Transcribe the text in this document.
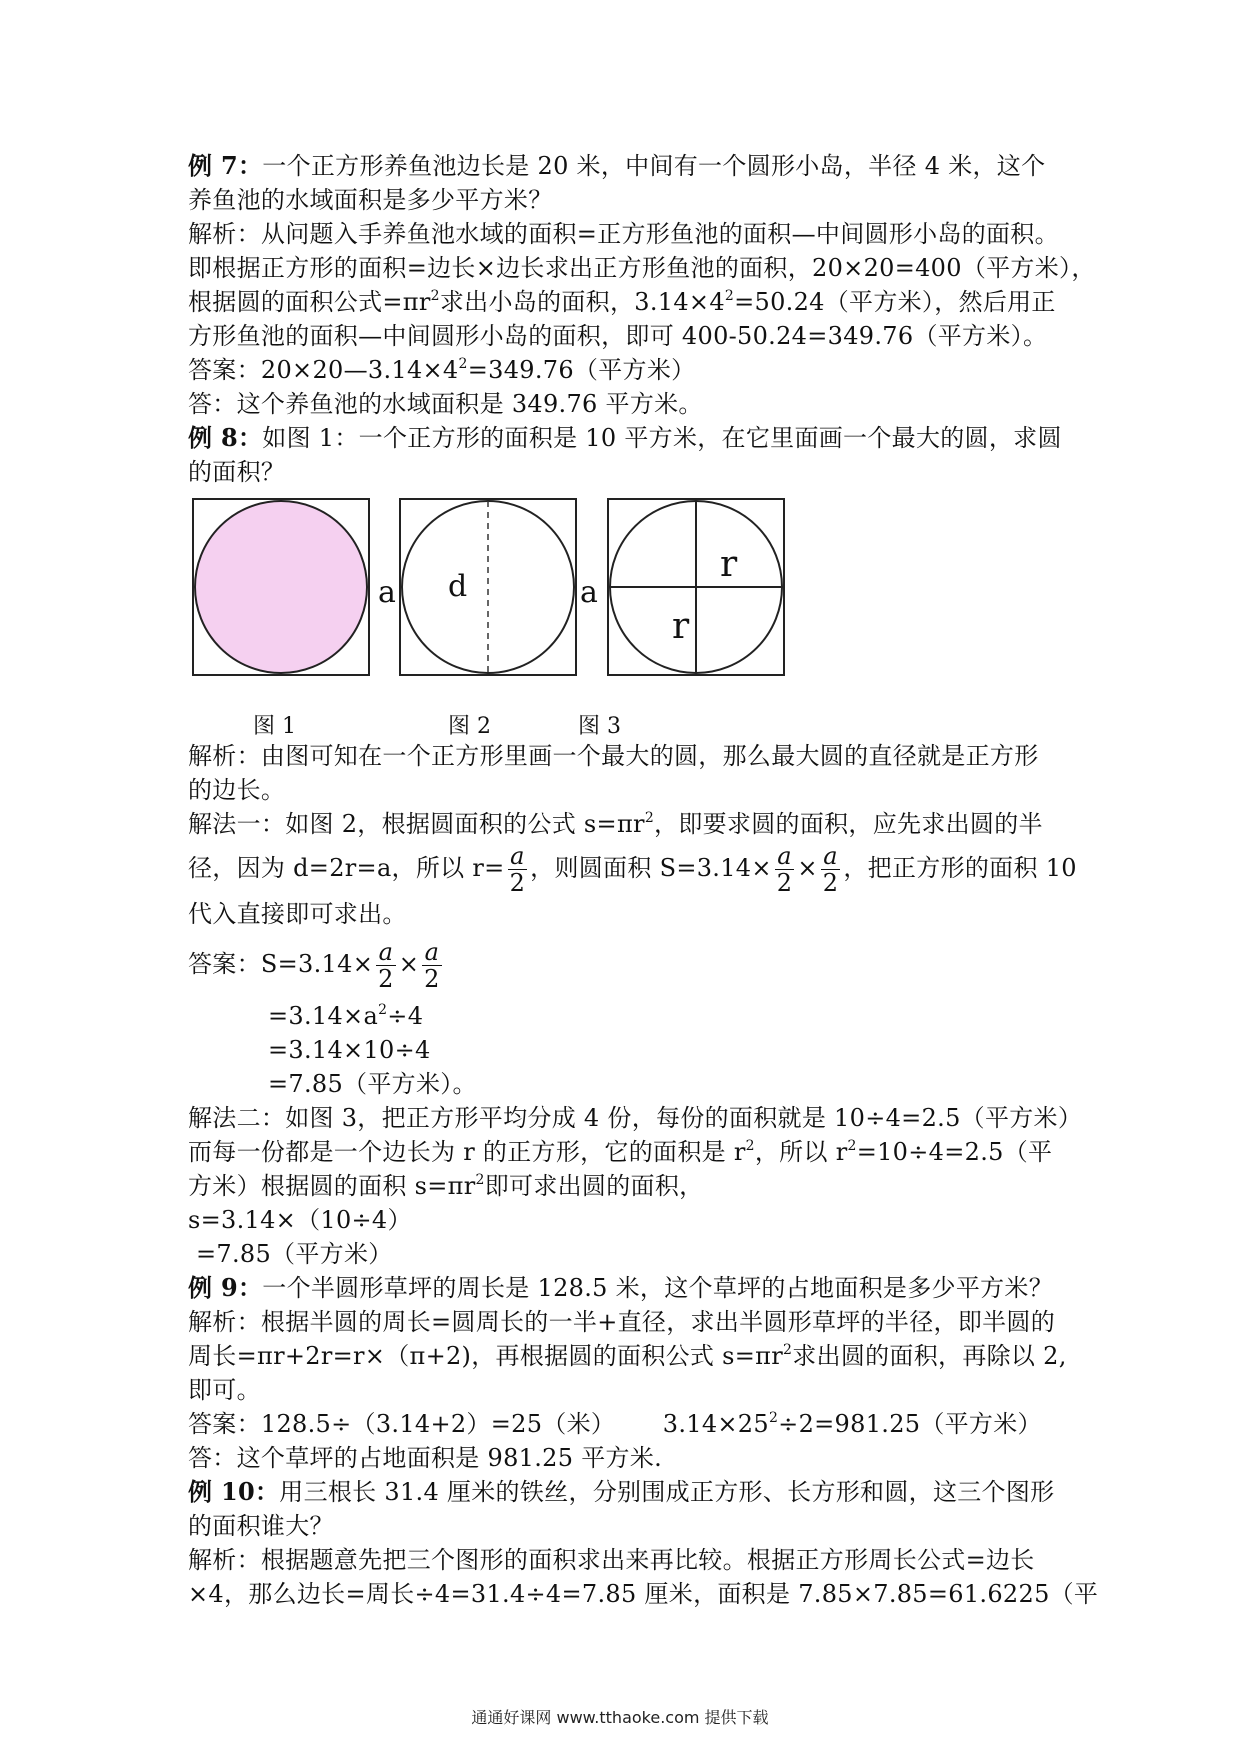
例 7：一个正方形养鱼池边长是 20 米，中间有一个圆形小岛，半径 4 米，这个
养鱼池的水域面积是多少平方米？
解析：从问题入手养鱼池水域的面积=正方形鱼池的面积—中间圆形小岛的面积。
即根据正方形的面积=边长×边长求出正方形鱼池的面积，20×20=400（平方米），
根据圆的面积公式$=\pi r^2$求出小岛的面积，$3.14\times 4^2=50.24$（平方米），然后用正
方形鱼池的面积—中间圆形小岛的面积，即可 400-50.24=349.76（平方米）。
答案：$20\times 20—3.14\times 4^2=349.76$（平方米）
答：这个养鱼池的水域面积是 349.76 平方米。
例 8：如图 1：一个正方形的面积是 10 平方米，在它里面画一个最大的圆，求圆
的面积？
a d	a
r
r
图 1	图 2	图 3
解析：由图可知在一个正方形里画一个最大的圆，那么最大圆的直径就是正方形
的边长。
解法一：如图 2，根据圆面积的公式 $s=\pi r^2$，即要求圆的面积，应先求出圆的半
径，因为 d=2r=a，所以 $r= \frac{a}{2}$ ，则圆面积 $S=3.14\times \frac{a}{2} \times \frac{a}{2}$ ，把正方形的面积 10
代入直接即可求出。
答案：$S=3.14\times \frac{a}{2} \times \frac{a}{2}$
$=3.14\times a^2\div 4$
=3.14×10÷4
=7.85（平方米）。
解法二：如图 3，把正方形平均分成 4 份，每份的面积就是 10÷4=2.5（平方米）
而每一份都是一个边长为 r 的正方形，它的面积是 $r^2$，所以 $r^2=10\div 4=2.5$（平
方米）根据圆的面积 $s=\pi r^2$即可求出圆的面积，
s=3.14×（10÷4）
=7.85（平方米）
例 9：一个半圆形草坪的周长是 128.5 米，这个草坪的占地面积是多少平方米？
解析：根据半圆的周长=圆周长的一半+直径，求出半圆形草坪的半径，即半圆的
周长=πr+2r=r×（π+2)，再根据圆的面积公式 $s=\pi r^2$求出圆的面积，再除以 2,
即可。
答案：128.5÷（3.14+2）=25（米）      $3.14\times 25^2\div 2=981.25$（平方米）
答：这个草坪的占地面积是 981.25 平方米.
例 10：用三根长 31.4 厘米的铁丝，分别围成正方形、长方形和圆，这三个图形
的面积谁大？
解析：根据题意先把三个图形的面积求出来再比较。根据正方形周长公式=边长
×4，那么边长=周长÷4=31.4÷4=7.85 厘米，面积是 7.85×7.85=61.6225（平
通通好课网 www.tthaoke.com 提供下载
